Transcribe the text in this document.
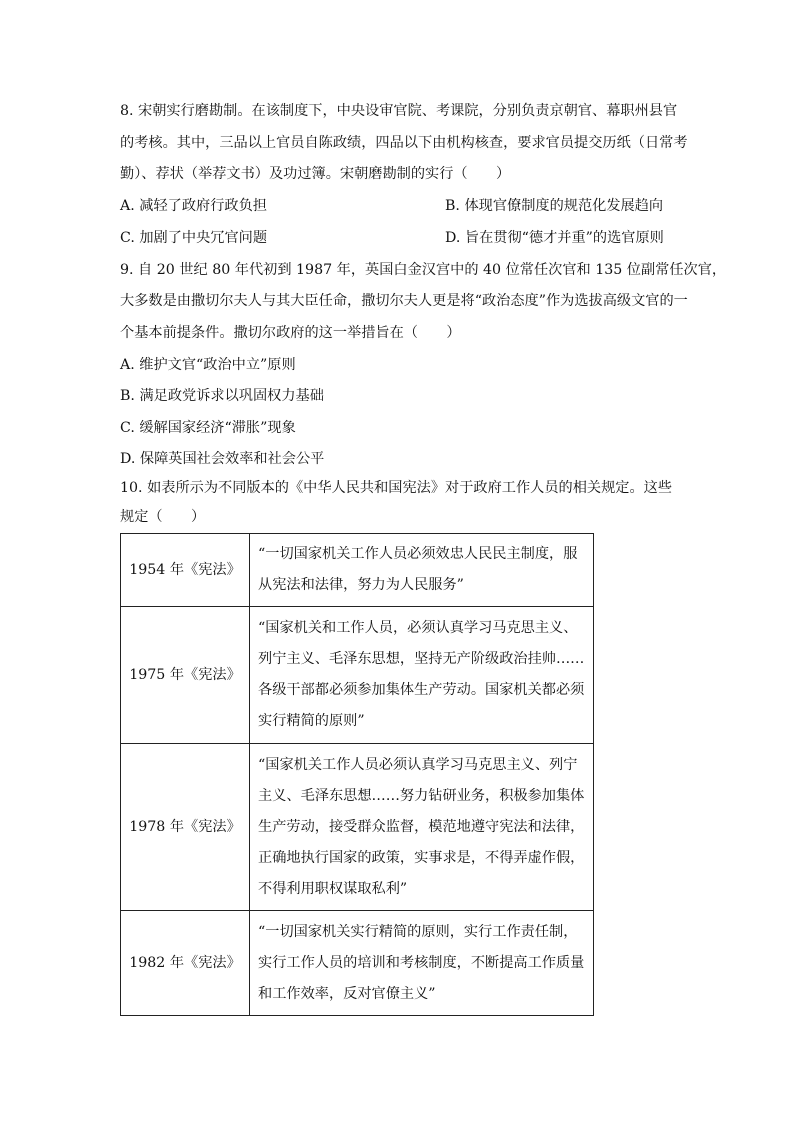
8. 宋朝实行磨勘制。在该制度下，中央设审官院、考课院，分别负责京朝官、幕职州县官
的考核。其中，三品以上官员自陈政绩，四品以下由机构核查，要求官员提交历纸（日常考
勤）、荐状（举荐文书）及功过簿。宋朝磨勘制的实行（　　）
A. 减轻了政府行政负担	B. 体现官僚制度的规范化发展趋向
C. 加剧了中央冗官问题	D. 旨在贯彻“德才并重”的选官原则
9. 自 20 世纪 80 年代初到 1987 年，英国白金汉宫中的 40 位常任次官和 135 位副常任次官，
大多数是由撒切尔夫人与其大臣任命，撒切尔夫人更是将“政治态度”作为选拔高级文官的一
个基本前提条件。撒切尔政府的这一举措旨在（　　）
A. 维护文官“政治中立”原则
B. 满足政党诉求以巩固权力基础
C. 缓解国家经济“滞胀”现象
D. 保障英国社会效率和社会公平
10. 如表所示为不同版本的《中华人民共和国宪法》对于政府工作人员的相关规定。这些
1954 年《宪法》	“一切国家机关工作人员必须效忠人民民主制度，服从宪法和法律，努力为人民服务”
1975 年《宪法》	“国家机关和工作人员，必须认真学习马克思主义、列宁主义、毛泽东思想，坚持无产阶级政治挂帅……各级干部都必须参加集体生产劳动。国家机关都必须实行精简的原则”
1978 年《宪法》	“国家机关工作人员必须认真学习马克思主义、列宁主义、毛泽东思想……努力钻研业务，积极参加集体生产劳动，接受群众监督，模范地遵守宪法和法律，正确地执行国家的政策，实事求是，不得弄虚作假，不得利用职权谋取私利”
1982 年《宪法》	“一切国家机关实行精简的原则，实行工作责任制，实行工作人员的培训和考核制度，不断提高工作质量和工作效率，反对官僚主义”
规定（　　）
